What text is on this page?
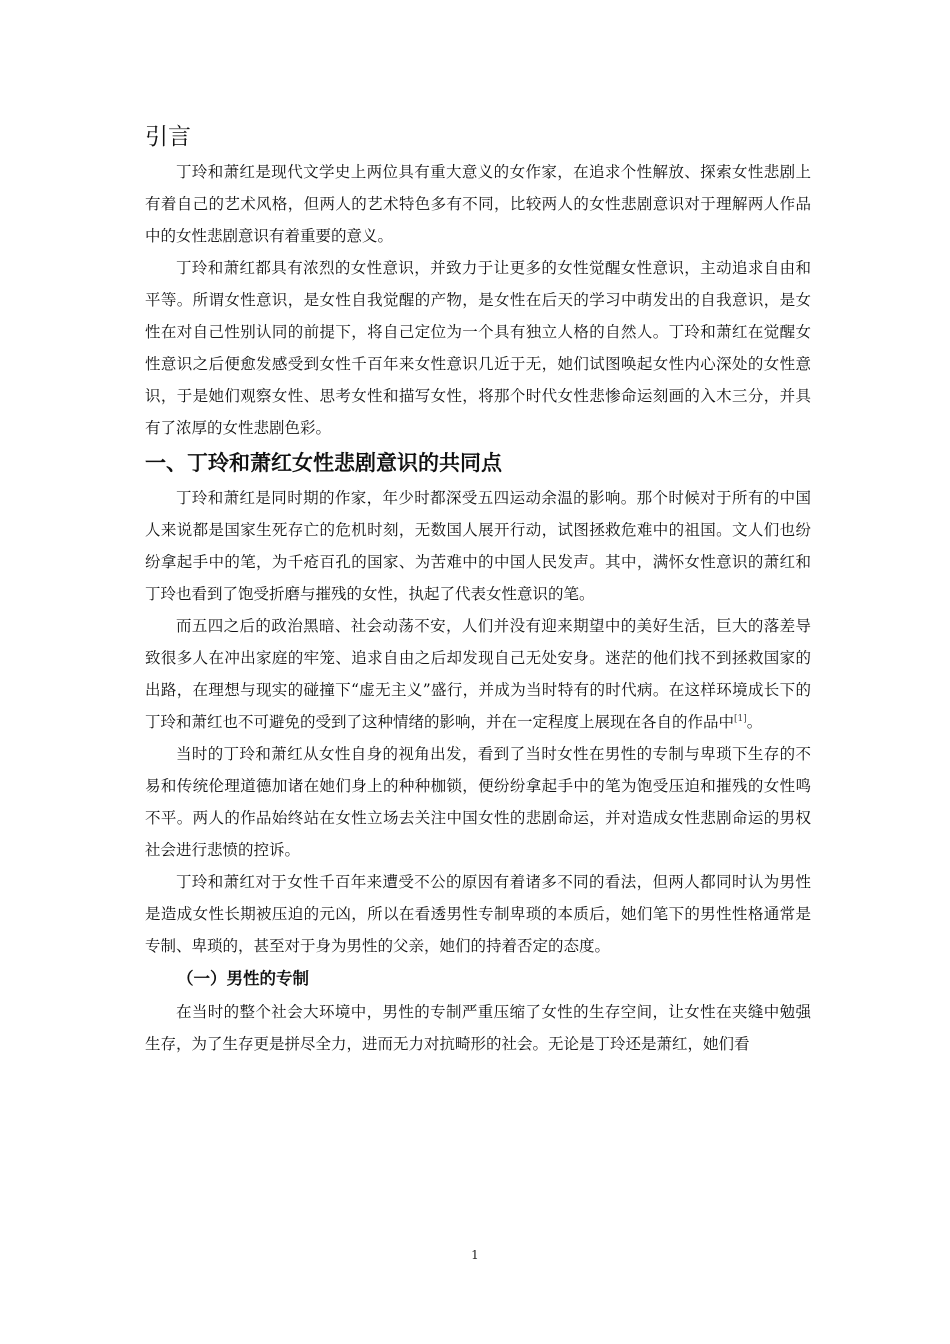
引言

丁玲和萧红是现代文学史上两位具有重大意义的女作家，在追求个性解放、探索女性悲剧上有着自己的艺术风格，但两人的艺术特色多有不同，比较两人的女性悲剧意识对于理解两人作品中的女性悲剧意识有着重要的意义。

丁玲和萧红都具有浓烈的女性意识，并致力于让更多的女性觉醒女性意识，主动追求自由和平等。所谓女性意识，是女性自我觉醒的产物，是女性在后天的学习中萌发出的自我意识，是女性在对自己性别认同的前提下，将自己定位为一个具有独立人格的自然人。丁玲和萧红在觉醒女性意识之后便愈发感受到女性千百年来女性意识几近于无，她们试图唤起女性内心深处的女性意识，于是她们观察女性、思考女性和描写女性，将那个时代女性悲惨命运刻画的入木三分，并具有了浓厚的女性悲剧色彩。

一、丁玲和萧红女性悲剧意识的共同点

丁玲和萧红是同时期的作家，年少时都深受五四运动余温的影响。那个时候对于所有的中国人来说都是国家生死存亡的危机时刻，无数国人展开行动，试图拯救危难中的祖国。文人们也纷纷拿起手中的笔，为千疮百孔的国家、为苦难中的中国人民发声。其中，满怀女性意识的萧红和丁玲也看到了饱受折磨与摧残的女性，执起了代表女性意识的笔。

而五四之后的政治黑暗、社会动荡不安，人们并没有迎来期望中的美好生活，巨大的落差导致很多人在冲出家庭的牢笼、追求自由之后却发现自己无处安身。迷茫的他们找不到拯救国家的出路，在理想与现实的碰撞下“虚无主义”盛行，并成为当时特有的时代病。在这样环境成长下的丁玲和萧红也不可避免的受到了这种情绪的影响，并在一定程度上展现在各自的作品中[1]。

当时的丁玲和萧红从女性自身的视角出发，看到了当时女性在男性的专制与卑琐下生存的不易和传统伦理道德加诸在她们身上的种种枷锁，便纷纷拿起手中的笔为饱受压迫和摧残的女性鸣不平。两人的作品始终站在女性立场去关注中国女性的悲剧命运，并对造成女性悲剧命运的男权社会进行悲愤的控诉。

丁玲和萧红对于女性千百年来遭受不公的原因有着诸多不同的看法，但两人都同时认为男性是造成女性长期被压迫的元凶，所以在看透男性专制卑琐的本质后，她们笔下的男性性格通常是专制、卑琐的，甚至对于身为男性的父亲，她们的持着否定的态度。

（一）男性的专制

在当时的整个社会大环境中，男性的专制严重压缩了女性的生存空间，让女性在夹缝中勉强生存，为了生存更是拼尽全力，进而无力对抗畸形的社会。无论是丁玲还是萧红，她们看

1
